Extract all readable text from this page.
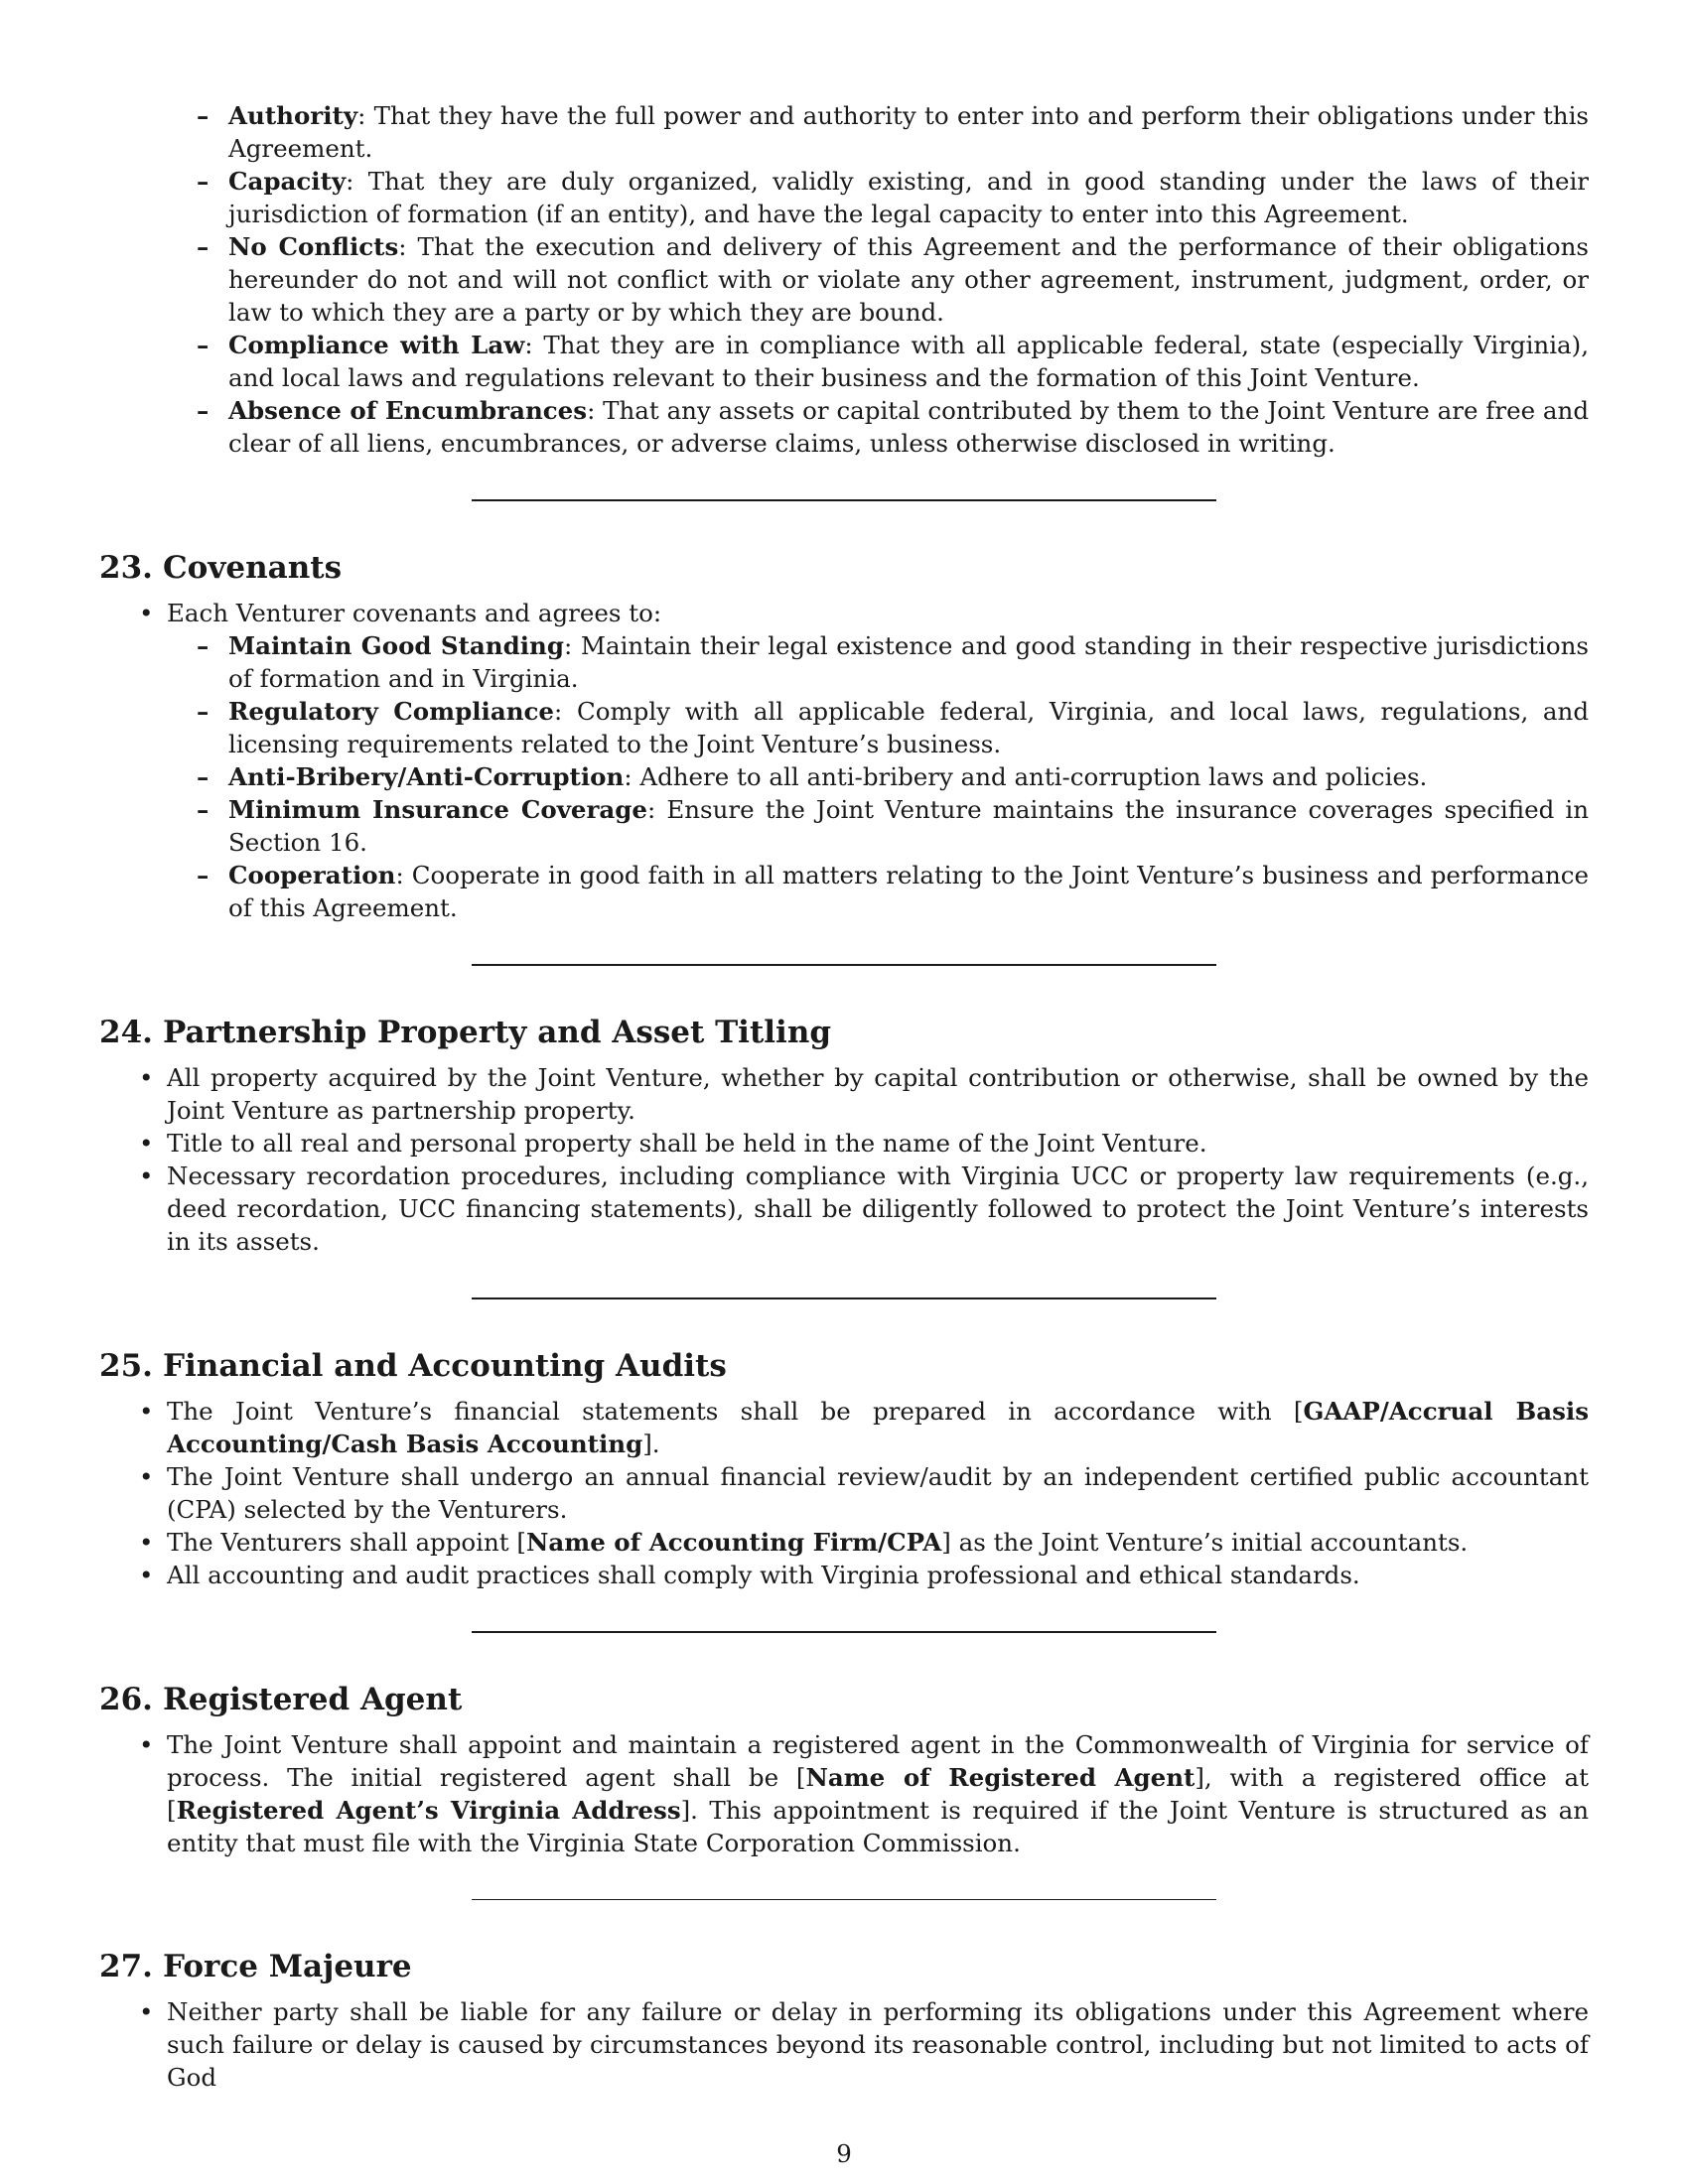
– Authority: That they have the full power and authority to enter into and perform their obligations under this Agreement.
– Capacity: That they are duly organized, validly existing, and in good standing under the laws of their jurisdiction of formation (if an entity), and have the legal capacity to enter into this Agreement.
– No Conflicts: That the execution and delivery of this Agreement and the performance of their obligations hereunder do not and will not conflict with or violate any other agreement, instrument, judgment, order, or law to which they are a party or by which they are bound.
– Compliance with Law: That they are in compliance with all applicable federal, state (especially Virginia), and local laws and regulations relevant to their business and the formation of this Joint Venture.
– Absence of Encumbrances: That any assets or capital contributed by them to the Joint Venture are free and clear of all liens, encumbrances, or adverse claims, unless otherwise disclosed in writing.
23. Covenants
• Each Venturer covenants and agrees to:
– Maintain Good Standing: Maintain their legal existence and good standing in their respective jurisdictions of formation and in Virginia.
– Regulatory Compliance: Comply with all applicable federal, Virginia, and local laws, regulations, and licensing requirements related to the Joint Venture’s business.
– Anti-Bribery/Anti-Corruption: Adhere to all anti-bribery and anti-corruption laws and policies.
– Minimum Insurance Coverage: Ensure the Joint Venture maintains the insurance coverages specified in Section 16.
– Cooperation: Cooperate in good faith in all matters relating to the Joint Venture’s business and performance of this Agreement.
24. Partnership Property and Asset Titling
• All property acquired by the Joint Venture, whether by capital contribution or otherwise, shall be owned by the Joint Venture as partnership property.
• Title to all real and personal property shall be held in the name of the Joint Venture.
• Necessary recordation procedures, including compliance with Virginia UCC or property law requirements (e.g., deed recordation, UCC financing statements), shall be diligently followed to protect the Joint Venture’s interests in its assets.
25. Financial and Accounting Audits
• The Joint Venture’s financial statements shall be prepared in accordance with [GAAP/Accrual Basis Accounting/Cash Basis Accounting].
• The Joint Venture shall undergo an annual financial review/audit by an independent certified public accountant (CPA) selected by the Venturers.
• The Venturers shall appoint [Name of Accounting Firm/CPA] as the Joint Venture’s initial accountants.
• All accounting and audit practices shall comply with Virginia professional and ethical standards.
26. Registered Agent
• The Joint Venture shall appoint and maintain a registered agent in the Commonwealth of Virginia for service of process. The initial registered agent shall be [Name of Registered Agent], with a registered office at [Registered Agent’s Virginia Address]. This appointment is required if the Joint Venture is structured as an entity that must file with the Virginia State Corporation Commission.
27. Force Majeure
• Neither party shall be liable for any failure or delay in performing its obligations under this Agreement where such failure or delay is caused by circumstances beyond its reasonable control, including but not limited to acts of God
9
